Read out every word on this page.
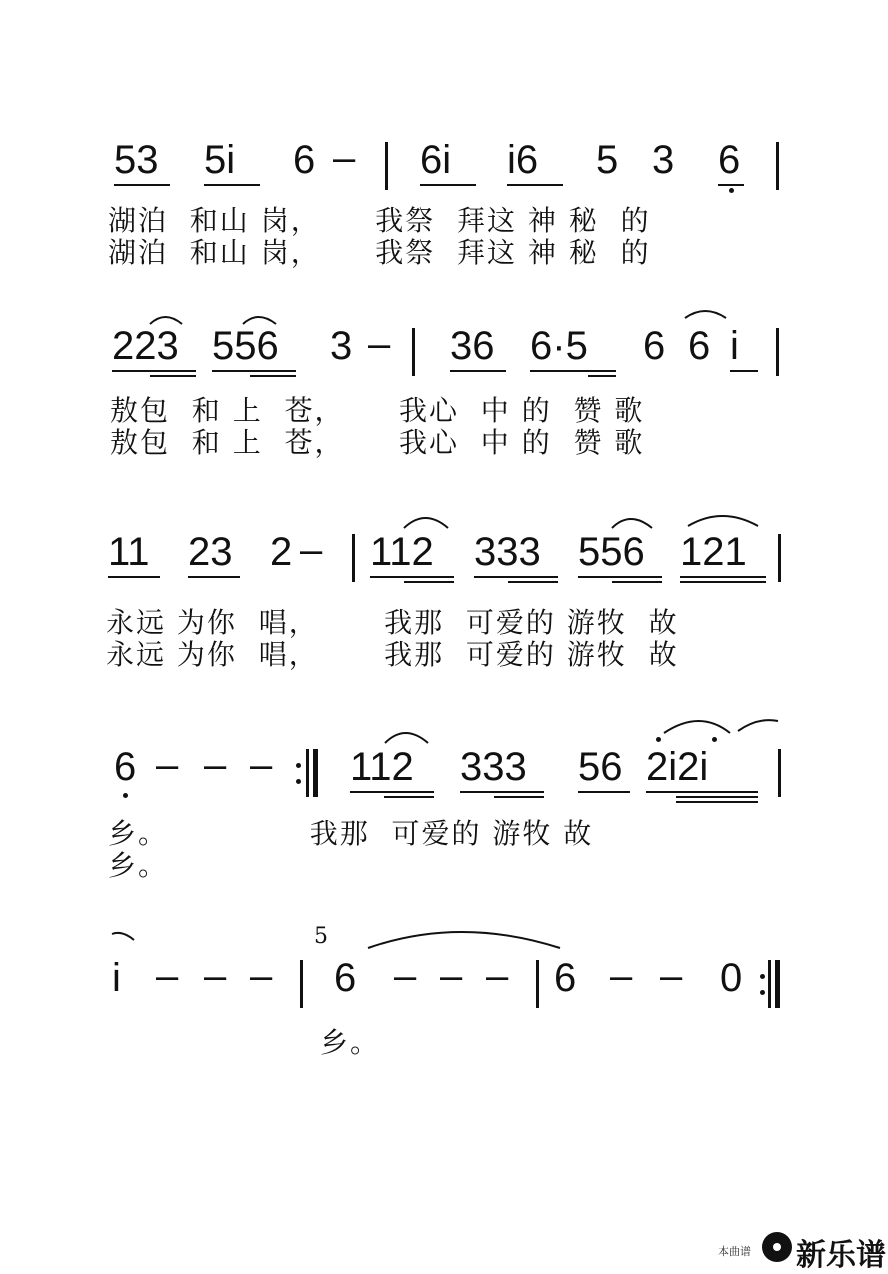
53 5i 6 – 6i i6 5 3 6
湖泊  和山 岗，     我祭  拜这 神 秘  的
湖泊  和山 岗，     我祭  拜这 神 秘  的
223 556 3 – 36 6·5 6 6 i
敖包  和 上  苍，     我心  中 的  赞 歌
敖包  和 上  苍，     我心  中 的  赞 歌
11 23 2 – 112 333 556 121
永远 为你  唱，      我那  可爱的 游牧  故
永远 为你  唱，      我那  可爱的 游牧  故
6 – – – 112 333 56 2i2i
乡。             我那  可爱的 游牧 故
乡。
i – – –
5
6 – – – 6 – – 0
乡。
本曲谱 新乐谱
